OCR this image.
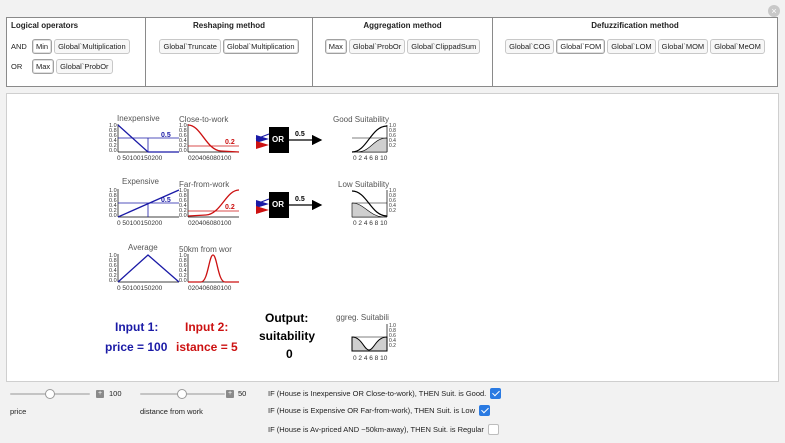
×
Logical operators
AND	Min	Global`Multiplication
OR	Max	Global`ProbOr
Reshaping method
Global`Truncate	Global`Multiplication
Aggregation method
Max	Global`ProbOr	Global`ClippadSum
Defuzzification method
Global`COG	Global`FOM	Global`LOM	Global`MOM	Global`MeOM
Inexpensive
1.0
0.8
0.6
0.4
0.2
0.0
0.5
0 50100150200
Close-to-work
1.0
0.8
0.6
0.4
0.2
0.0
0.2
020406080100
OR
0.5
Good Suitability
1.0
0.8
0.6
0.4
0.2
0 2 4 6 8 10
Expensive
1.0
0.8
0.6
0.4
0.2
0.0
0.5
0 50100150200
Far-from-work
1.0
0.8
0.6
0.4
0.2
0.0
0.2
020406080100
OR
0.5
Low Suitability
1.0
0.8
0.6
0.4
0.2
0 2 4 6 8 10
Average
1.0
0.8
0.6
0.4
0.2
0.0
0 50100150200
50km from wor
1.0
0.8
0.6
0.4
0.2
0.0
020406080100
Input 1:
price = 100
Input 2:
istance = 5
Output:
suitability
0
ggreg. Suitabili
1.0
0.8
0.6
0.4
0.2
0 2 4 6 8 10
+ 100
price
+ 50
distance from work
IF (House is Inexpensive OR Close-to-work), THEN Suit. is Good.
IF (House is Expensive OR Far-from-work), THEN Suit. is Low
IF (House is Av-priced AND ~50km-away), THEN Suit. is Regular
